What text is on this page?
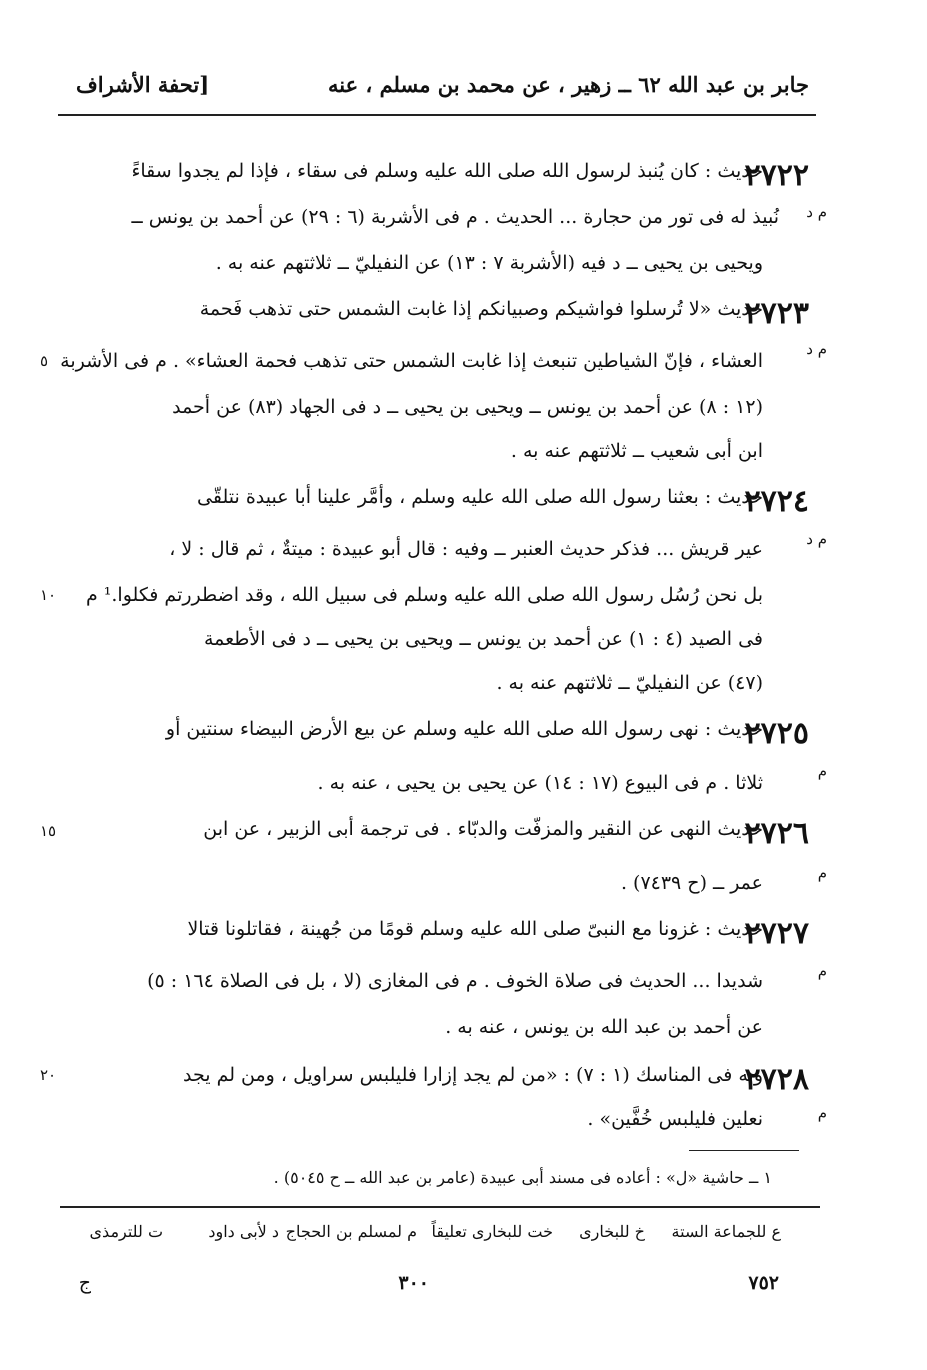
جابر بن عبد الله ٦٢ ــ زهير ، عن محمد بن مسلم ، عنه
[تحفة الأشراف
٢٧٢٢
حديث : كان يُنبذ لرسول الله صلى الله عليه وسلم فى سقاء ، فإذا لم يجدوا سقاءً
م د
نُبيذ له فى تور من حجارة ... الحديث . م فى الأشربة (٦ : ٢٩) عن أحمد بن يونس ــ
ويحيى بن يحيى ــ د فيه (الأشربة ٧ : ١٣) عن النفيليّ ــ ثلاثتهم عنه به .
٢٧٢٣
حديث «لا تُرسلوا فواشيكم وصبيانكم إذا غابت الشمس حتى تذهب فَحمة
م د
العشاء ، فإنّ الشياطين تنبعث إذا غابت الشمس حتى تذهب فحمة العشاء» . م فى الأشربة
٥
(١٢ : ٨) عن أحمد بن يونس ــ ويحيى بن يحيى ــ د فى الجهاد (٨٣) عن أحمد
ابن أبى شعيب ــ ثلاثتهم عنه به .
٢٧٢٤
حديث : بعثنا رسول الله صلى الله عليه وسلم ، وأمَّر علينا أبا عبيدة نتلقّى
م د
عير قريش ... فذكر حديث العنبر ــ وفيه : قال أبو عبيدة : ميتةٌ ، ثم قال : لا ،
بل نحن رُسُل رسول الله صلى الله عليه وسلم فى سبيل الله ، وقد اضطررتم فكلوا.¹ م
١٠
فى الصيد (٤ : ١) عن أحمد بن يونس ــ ويحيى بن يحيى ــ د فى الأطعمة
(٤٧) عن النفيليّ ــ ثلاثتهم عنه به .
٢٧٢٥
حديث : نهى رسول الله صلى الله عليه وسلم عن بيع الأرض البيضاء سنتين أو
م
ثلاثا . م فى البيوع (١٧ : ١٤) عن يحيى بن يحيى ، عنه به .
٢٧٢٦
حديث النهى عن النقير والمزفّت والدبّاء . فى ترجمة أبى الزبير ، عن ابن
١٥
م
عمر ــ (ح ٧٤٣٩) .
٢٧٢٧
حديث : غزونا مع النبىّ صلى الله عليه وسلم قومًا من جُهينة ، فقاتلونا قتالا
م
شديدا ... الحديث فى صلاة الخوف . م فى المغازى (لا ، بل فى الصلاة ١٦٤ : ٥)
عن أحمد بن عبد الله بن يونس ، عنه به .
٢٧٢٨
وبه فى المناسك (١ : ٧) : «من لم يجد إزارا فليلبس سراويل ، ومن لم يجد
٢٠
م
نعلين فليلبس خُفَّين» .
١ ــ حاشية «ل» : أعاده فى مسند أبى عبيدة (عامر بن عبد الله ــ ح ٥٠٤٥) .
ع للجماعة الستة
خ للبخارى
خت للبخارى تعليقاً
م لمسلم بن الحجاج
د لأبى داود
ت للترمذى
٧٥٢
٣٠٠
ج
